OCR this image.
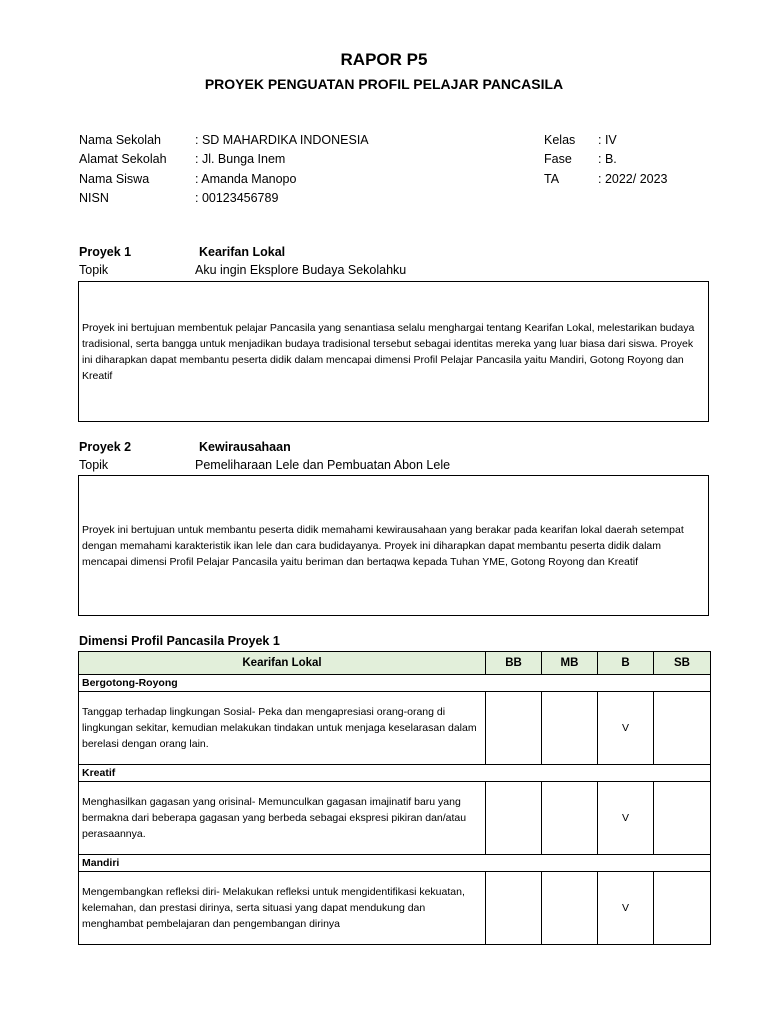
RAPOR P5
PROYEK PENGUATAN PROFIL PELAJAR PANCASILA
Nama Sekolah	: SD MAHARDIKA INDONESIA
Alamat Sekolah : Jl. Bunga Inem
Nama Siswa	: Amanda Manopo
NISN	: 00123456789
Kelas : IV
Fase : B.
TA	: 2022/ 2023
Proyek 1	Kearifan Lokal
Topik	Aku ingin Eksplore Budaya Sekolahku
Proyek ini bertujuan membentuk pelajar Pancasila yang senantiasa selalu menghargai tentang Kearifan Lokal, melestarikan budaya tradisional, serta bangga untuk menjadikan budaya tradisional tersebut sebagai identitas mereka yang luar biasa dari siswa. Proyek ini diharapkan dapat membantu peserta didik dalam mencapai dimensi Profil Pelajar Pancasila yaitu Mandiri, Gotong Royong dan Kreatif
Proyek 2	Kewirausahaan
Topik	Pemeliharaan Lele dan Pembuatan Abon Lele
Proyek ini bertujuan untuk membantu peserta didik memahami kewirausahaan yang berakar pada kearifan lokal daerah setempat dengan memahami karakteristik ikan lele dan cara budidayanya. Proyek ini diharapkan dapat membantu peserta didik dalam mencapai dimensi Profil Pelajar Pancasila yaitu beriman dan bertaqwa kepada Tuhan YME, Gotong Royong dan Kreatif
Dimensi Profil Pancasila Proyek 1
Kearifan Lokal	BB	MB	B	SB
Bergotong-Royong				
Tanggap terhadap lingkungan Sosial- Peka dan mengapresiasi orang-orang di lingkungan sekitar, kemudian melakukan tindakan untuk menjaga keselarasan dalam berelasi dengan orang lain.			V	
Kreatif				
Menghasilkan gagasan yang orisinal- Memunculkan gagasan imajinatif baru yang bermakna dari beberapa gagasan yang berbeda sebagai ekspresi pikiran dan/atau perasaannya.			V	
Mandiri				
Mengembangkan refleksi diri- Melakukan refleksi untuk mengidentifikasi kekuatan, kelemahan, dan prestasi dirinya, serta situasi yang dapat mendukung dan menghambat pembelajaran dan pengembangan dirinya			V	
